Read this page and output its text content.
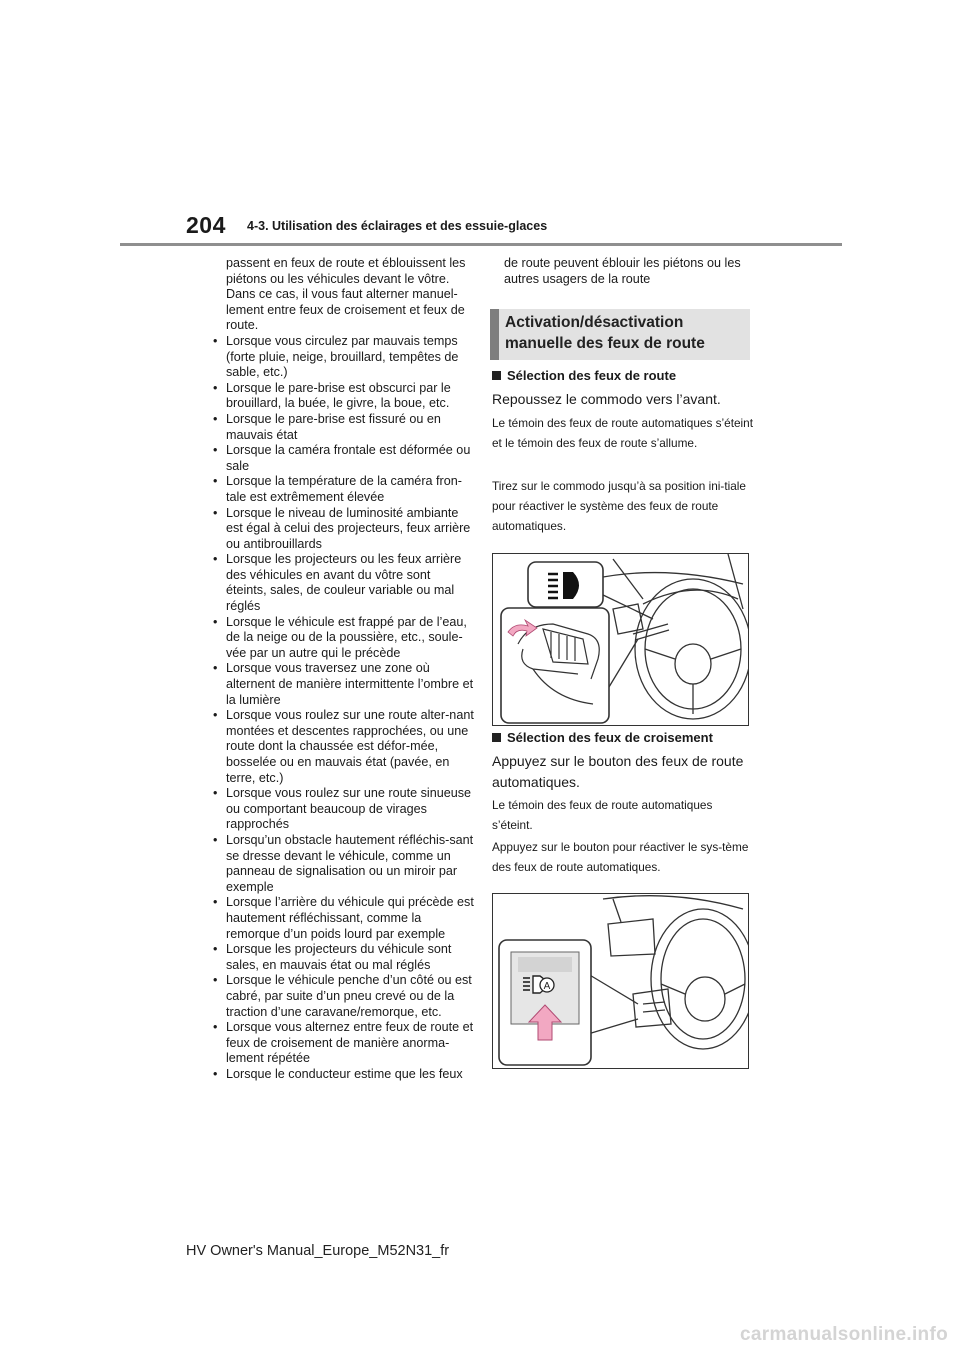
204 4-3. Utilisation des éclairages et des essuie-glaces

passent en feux de route et éblouissent les piétons ou les véhicules devant le vôtre. Dans ce cas, il vous faut alterner manuel-lement entre feux de croisement et feux de route.

• Lorsque vous circulez par mauvais temps (forte pluie, neige, brouillard, tempêtes de sable, etc.)
• Lorsque le pare-brise est obscurci par le brouillard, la buée, le givre, la boue, etc.
• Lorsque le pare-brise est fissuré ou en mauvais état
• Lorsque la caméra frontale est déformée ou sale
• Lorsque la température de la caméra fron-tale est extrêmement élevée
• Lorsque le niveau de luminosité ambiante est égal à celui des projecteurs, feux arrière ou antibrouillards
• Lorsque les projecteurs ou les feux arrière des véhicules en avant du vôtre sont éteints, sales, de couleur variable ou mal réglés
• Lorsque le véhicule est frappé par de l’eau, de la neige ou de la poussière, etc., soule-vée par un autre qui le précède
• Lorsque vous traversez une zone où alternent de manière intermittente l’ombre et la lumière
• Lorsque vous roulez sur une route alter-nant montées et descentes rapprochées, ou une route dont la chaussée est défor-mée, bosselée ou en mauvais état (pavée, en terre, etc.)
• Lorsque vous roulez sur une route sinueuse ou comportant beaucoup de virages rapprochés
• Lorsqu’un obstacle hautement réfléchis-sant se dresse devant le véhicule, comme un panneau de signalisation ou un miroir par exemple
• Lorsque l’arrière du véhicule qui précède est hautement réfléchissant, comme la remorque d’un poids lourd par exemple
• Lorsque les projecteurs du véhicule sont sales, en mauvais état ou mal réglés
• Lorsque le véhicule penche d’un côté ou est cabré, par suite d’un pneu crevé ou de la traction d’une caravane/remorque, etc.
• Lorsque vous alternez entre feux de route et feux de croisement de manière anorma-lement répétée
• Lorsque le conducteur estime que les feux

de route peuvent éblouir les piétons ou les autres usagers de la route

Activation/désactivation
manuelle des feux de route
Sélection des feux de route

Repoussez le commodo vers l’avant.

Le témoin des feux de route automatiques s’éteint et le témoin des feux de route s’allume.

Tirez sur le commodo jusqu’à sa position ini-tiale pour réactiver le système des feux de route automatiques.

Sélection des feux de croisement

Appuyez sur le bouton des feux de route automatiques.

Le témoin des feux de route automatiques s’éteint.

Appuyez sur le bouton pour réactiver le sys-tème des feux de route automatiques.

A
HV Owner's Manual_Europe_M52N31_fr
carmanualsonline.info
